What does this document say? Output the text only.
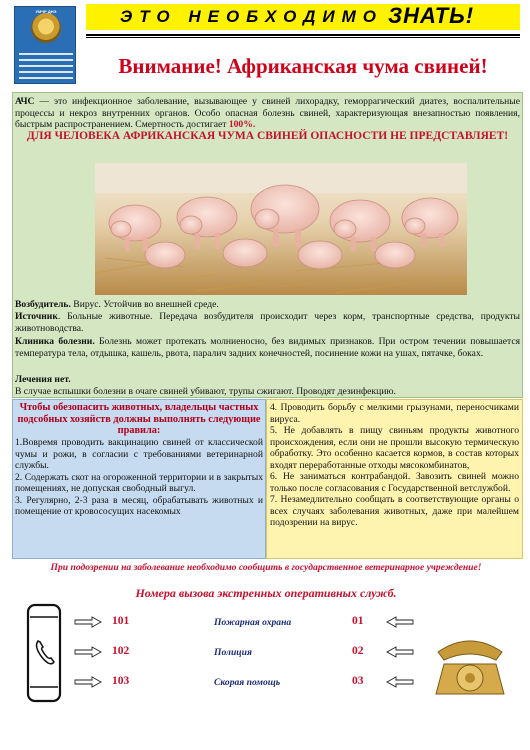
УМЧР ДНЭ	ЭТО НЕОБХОДИМО ЗНАТЬ!
Внимание! Африканская чума свиней!
АЧС — это инфекционное заболевание, вызывающее у свиней лихорадку, геморрагический диатез, воспалительные процессы и некроз внутренних органов. Особо опасная болезнь свиней, характеризующая внезапностью появления, быстрым распространением. Смертность достигает 100%.
ДЛЯ ЧЕЛОВЕКА АФРИКАНСКАЯ ЧУМА СВИНЕЙ ОПАСНОСТИ НЕ ПРЕДСТАВЛЯЕТ!
Возбудитель. Вирус. Устойчив во внешней среде.
Источник. Больные животные. Передача возбудителя происходит через корм, транспортные средства, продукты животноводства.
Клиника болезни. Болезнь может протекать молниеносно, без видимых признаков. При остром течении повышается температура тела, отдышка, кашель, рвота, паралич задних конечностей, посинение кожи на ушах, пятачке, боках.
Лечения нет.
В случае вспышки болезни в очаге свиней убивают, трупы сжигают. Проводят дезинфекцию.
Чтобы обезопасить животных, владельцы частных подсобных хозяйств должны выполнять следующие правила:

1.Вовремя проводить вакцинацию свиней от классической чумы и рожи, в согласии с требованиями ветеринарной службы.

2. Содержать скот на огороженной территории и в закрытых помещениях, не допуская свободный выгул.

3. Регулярно, 2-3 раза в месяц, обрабатывать животных и помещение от кровососущих насекомых

4. Проводить борьбу с мелкими грызунами, переносчиками вируса.

5. Не добавлять в пищу свиньям продукты животного происхождения, если они не прошли высокую термическую обработку. Это особенно касается кормов, в состав которых входят переработанные отходы мясокомбинатов,

6. Не заниматься контрабандой. Завозить свиней можно только после согласования с Государственной ветслужбой.

7. Незамедлительно сообщать в соответствующие органы о всех случаях заболевания животных, даже при малейшем подозрении на вирус.

При подозрении на заболевание необходимо сообщить в государственное ветеринарное учреждение!
Номера вызова экстренных оперативных служб.
101	Пожарная охрана	01
102	Полиция	02
103	Скорая помощь	03
